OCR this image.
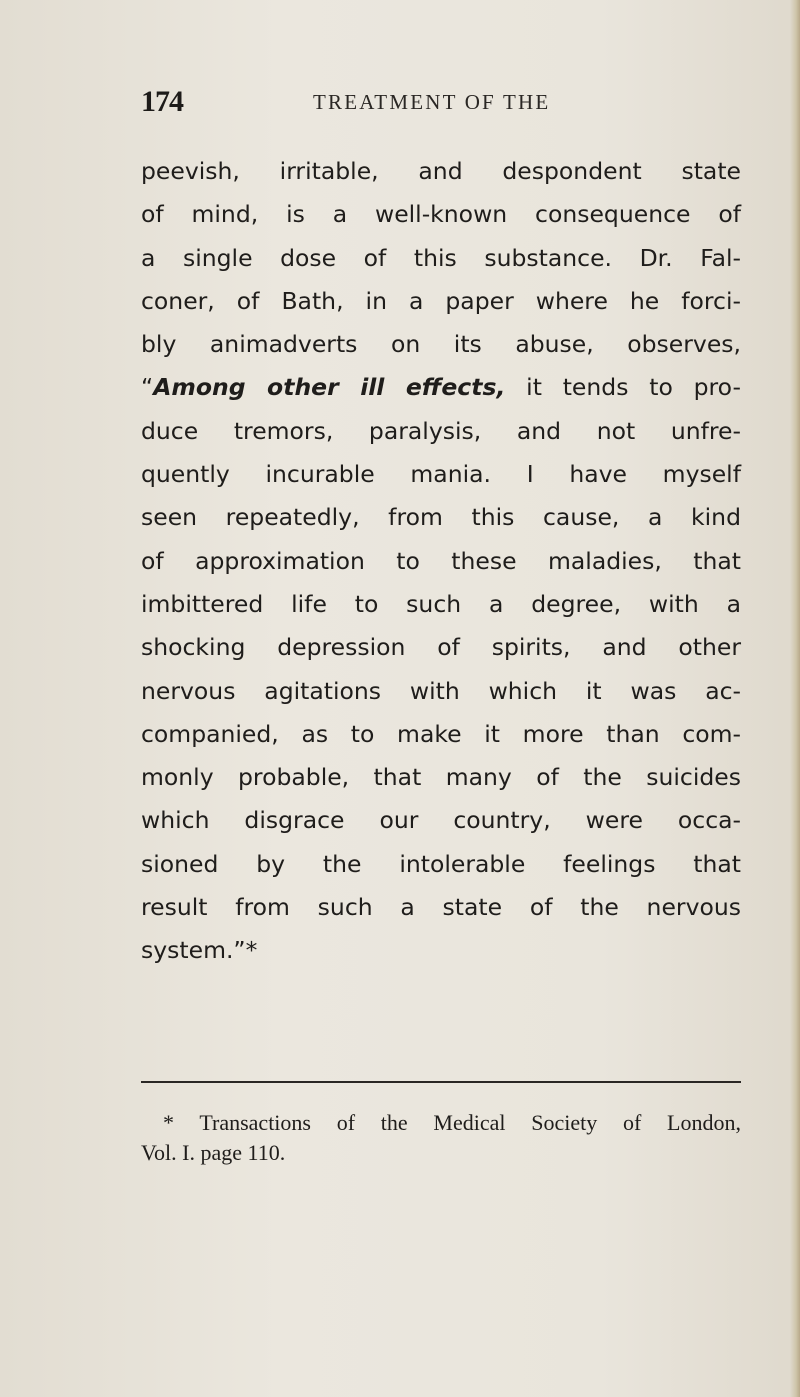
174	TREATMENT OF THE
peevish, irritable, and despondent state
of mind, is a well-known consequence of
a single dose of this substance. Dr. Fal-
coner, of Bath, in a paper where he forci-
bly animadverts on its abuse, observes,
“Among other ill effects, it tends to pro-
duce tremors, paralysis, and not unfre-
quently incurable mania. I have myself
seen repeatedly, from this cause, a kind
of approximation to these maladies, that
imbittered life to such a degree, with a
shocking depression of spirits, and other
nervous agitations with which it was ac-
companied, as to make it more than com-
monly probable, that many of the suicides
which disgrace our country, were occa-
sioned by the intolerable feelings that
result from such a state of the nervous
system.”*
* Transactions of the Medical Society of London,
Vol. I. page 110.
